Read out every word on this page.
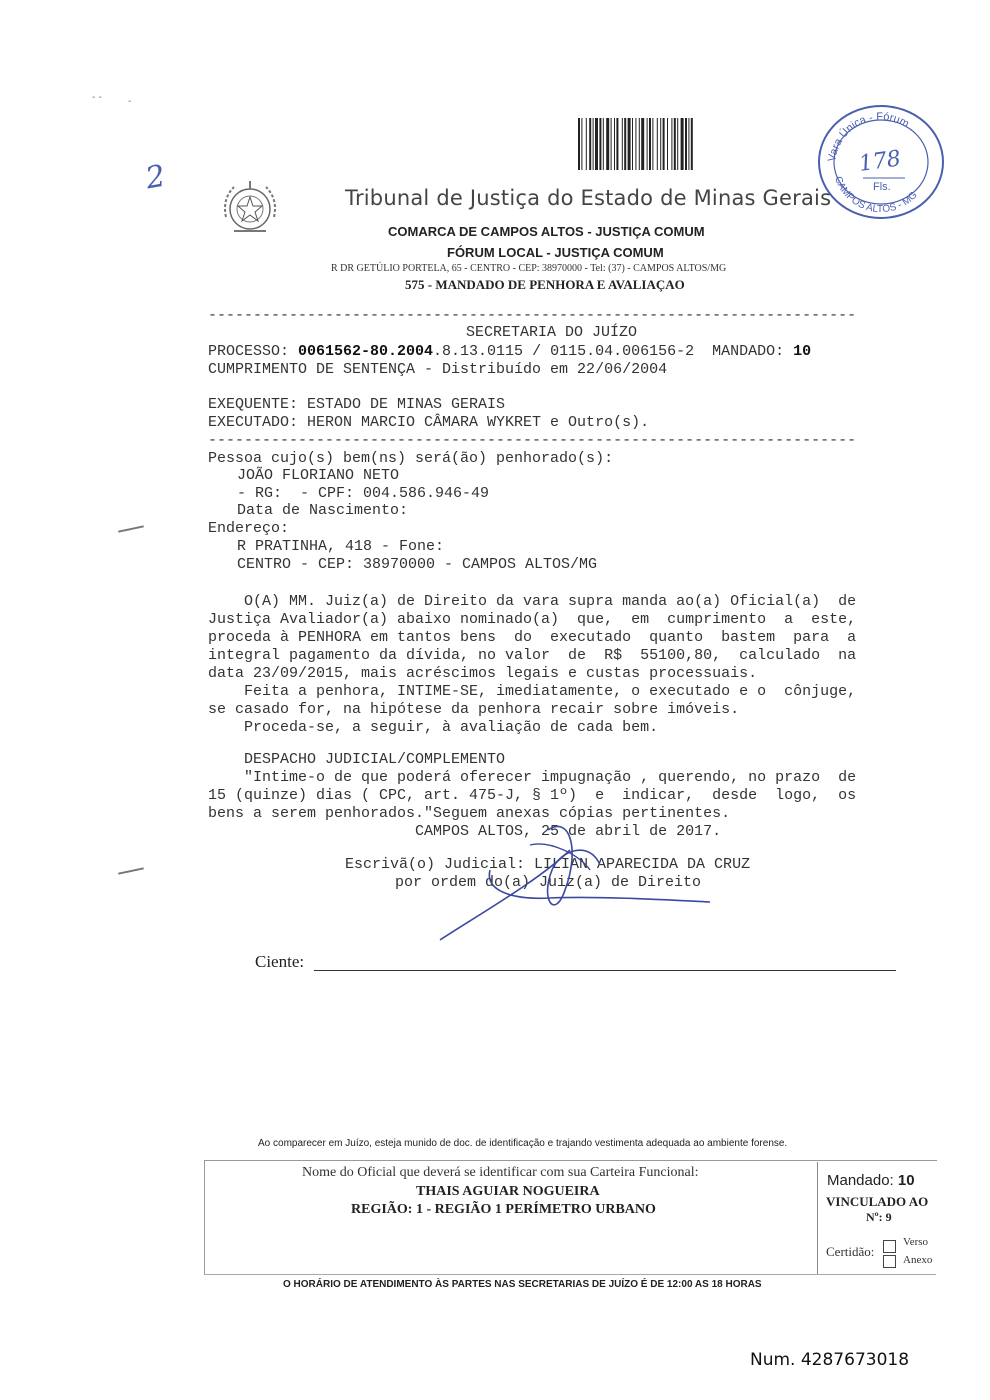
- -	-
2
Vara Única - Fórum
CAMPOS ALTOS - MG
178
Fls.
Tribunal de Justiça do Estado de Minas Gerais
COMARCA DE CAMPOS ALTOS - JUSTIÇA COMUM
FÓRUM LOCAL - JUSTIÇA COMUM
R DR GETÚLIO PORTELA, 65 - CENTRO - CEP: 38970000 - Tel: (37) - CAMPOS ALTOS/MG
575 - MANDADO DE PENHORA E AVALIAÇAO
------------------------------------------------------------------------
SECRETARIA DO JUÍZO
PROCESSO: 0061562-80.2004.8.13.0115 / 0115.04.006156-2  MANDADO: 10
CUMPRIMENTO DE SENTENÇA - Distribuído em 22/06/2004
EXEQUENTE: ESTADO DE MINAS GERAIS
EXECUTADO: HERON MARCIO CÂMARA WYKRET e Outro(s).
------------------------------------------------------------------------
Pessoa cujo(s) bem(ns) será(ão) penhorado(s):
JOÃO FLORIANO NETO
- RG:  - CPF: 004.586.946-49
Data de Nascimento:
Endereço:
R PRATINHA, 418 - Fone:
CENTRO - CEP: 38970000 - CAMPOS ALTOS/MG
O(A) MM. Juiz(a) de Direito da vara supra manda ao(a) Oficial(a)  de
Justiça Avaliador(a) abaixo nominado(a)  que,  em  cumprimento  a  este,
proceda à PENHORA em tantos bens  do  executado  quanto  bastem  para  a
integral pagamento da dívida, no valor  de  R$  55100,80,  calculado  na
data 23/09/2015, mais acréscimos legais e custas processuais.
Feita a penhora, INTIME-SE, imediatamente, o executado e o  cônjuge,
se casado for, na hipótese da penhora recair sobre imóveis.
Proceda-se, a seguir, à avaliação de cada bem.
DESPACHO JUDICIAL/COMPLEMENTO
"Intime-o de que poderá oferecer impugnação , querendo, no prazo  de
15 (quinze) dias ( CPC, art. 475-J, § 1º)  e  indicar,  desde  logo,  os
bens a serem penhorados."Seguem anexas cópias pertinentes.
CAMPOS ALTOS, 25 de abril de 2017.
Escrivã(o) Judicial: LILIAN APARECIDA DA CRUZ
por ordem do(a) Juiz(a) de Direito
Ciente:
Ao comparecer em Juízo, esteja munido de doc. de identificação e trajando vestimenta adequada ao ambiente forense.
Nome do Oficial que deverá se identificar com sua Carteira Funcional:
THAIS AGUIAR NOGUEIRA
REGIÃO: 1 - REGIÃO 1 PERÍMETRO URBANO
Mandado: 10
VINCULADO AO
Nº: 9
Certidão:
Verso
Anexo
O HORÁRIO DE ATENDIMENTO ÀS PARTES NAS SECRETARIAS DE JUÍZO É DE 12:00 AS 18 HORAS
Num. 4287673018
